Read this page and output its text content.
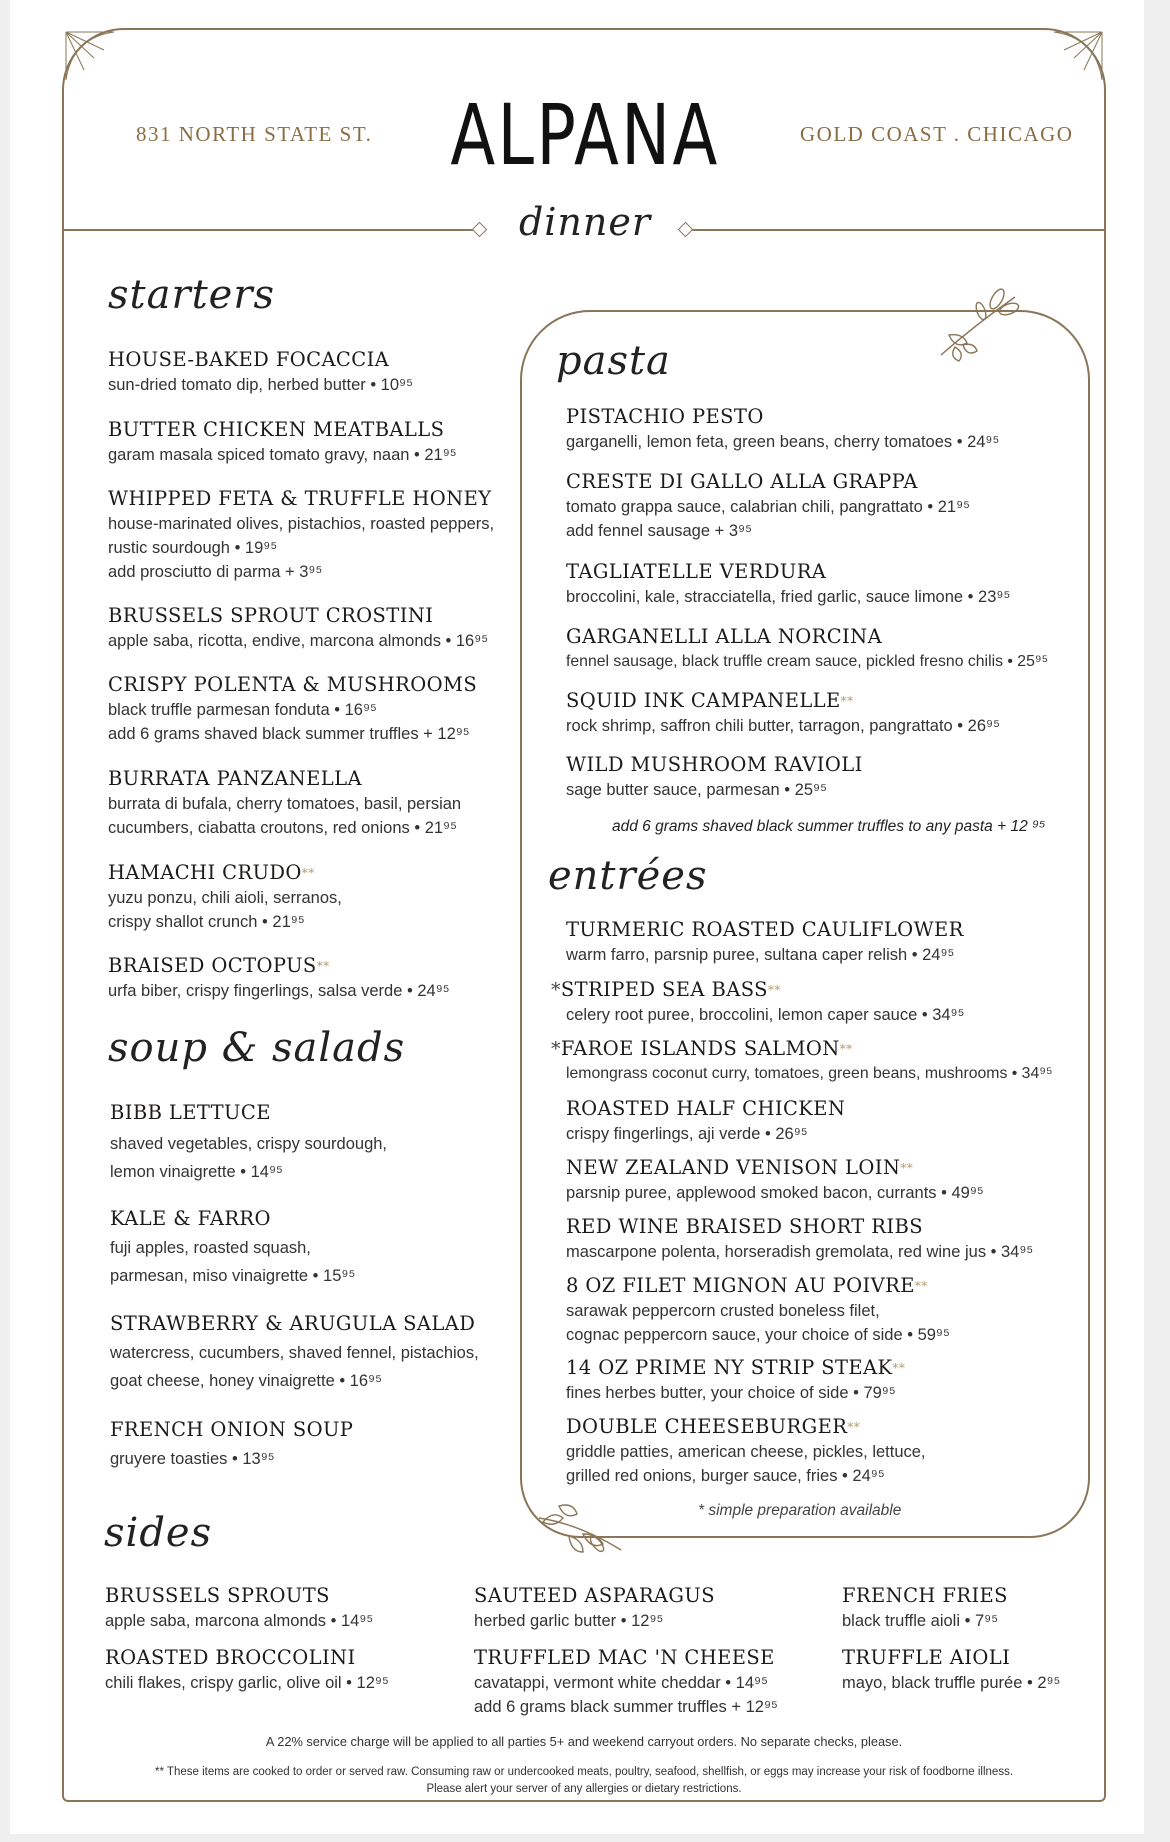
831 NORTH STATE ST. ALPANA	GOLD COAST . CHICAGO
dinner
starters
soup & salads
sides
pasta
entrées
HOUSE-BAKED FOCACCIA
sun-dried tomato dip, herbed butter • 10⁹⁵
BUTTER CHICKEN MEATBALLS
garam masala spiced tomato gravy, naan • 21⁹⁵
WHIPPED FETA & TRUFFLE HONEY
house-marinated olives, pistachios, roasted peppers,
rustic sourdough • 19⁹⁵
add prosciutto di parma + 3⁹⁵
BRUSSELS SPROUT CROSTINI
apple saba, ricotta, endive, marcona almonds • 16⁹⁵
CRISPY POLENTA & MUSHROOMS
black truffle parmesan fonduta • 16⁹⁵
add 6 grams shaved black summer truffles + 12⁹⁵
BURRATA PANZANELLA
burrata di bufala, cherry tomatoes, basil, persian
cucumbers, ciabatta croutons, red onions • 21⁹⁵
HAMACHI CRUDO**
yuzu ponzu, chili aioli, serranos,
crispy shallot crunch • 21⁹⁵
BRAISED OCTOPUS**
urfa biber, crispy fingerlings, salsa verde • 24⁹⁵
BIBB LETTUCE
shaved vegetables, crispy sourdough,
lemon vinaigrette • 14⁹⁵
KALE & FARRO
fuji apples, roasted squash,
parmesan, miso vinaigrette • 15⁹⁵
STRAWBERRY & ARUGULA SALAD
watercress, cucumbers, shaved fennel, pistachios,
goat cheese, honey vinaigrette • 16⁹⁵
FRENCH ONION SOUP
gruyere toasties • 13⁹⁵
PISTACHIO PESTO
garganelli, lemon feta, green beans, cherry tomatoes • 24⁹⁵
CRESTE DI GALLO ALLA GRAPPA
tomato grappa sauce, calabrian chili, pangrattato • 21⁹⁵
add fennel sausage + 3⁹⁵
TAGLIATELLE VERDURA
broccolini, kale, stracciatella, fried garlic, sauce limone • 23⁹⁵
GARGANELLI ALLA NORCINA
fennel sausage, black truffle cream sauce, pickled fresno chilis • 25⁹⁵
SQUID INK CAMPANELLE**
rock shrimp, saffron chili butter, tarragon, pangrattato • 26⁹⁵
WILD MUSHROOM RAVIOLI
sage butter sauce, parmesan • 25⁹⁵
add 6 grams shaved black summer truffles to any pasta + 12 ⁹⁵
TURMERIC ROASTED CAULIFLOWER
warm farro, parsnip puree, sultana caper relish • 24⁹⁵
*STRIPED SEA BASS**
celery root puree, broccolini, lemon caper sauce • 34⁹⁵
*FAROE ISLANDS SALMON**
lemongrass coconut curry, tomatoes, green beans, mushrooms • 34⁹⁵
ROASTED HALF CHICKEN
crispy fingerlings, aji verde • 26⁹⁵
NEW ZEALAND VENISON LOIN**
parsnip puree, applewood smoked bacon, currants • 49⁹⁵
RED WINE BRAISED SHORT RIBS
mascarpone polenta, horseradish gremolata, red wine jus • 34⁹⁵
8 OZ FILET MIGNON AU POIVRE**
sarawak peppercorn crusted boneless filet,
cognac peppercorn sauce, your choice of side • 59⁹⁵
14 OZ PRIME NY STRIP STEAK**
fines herbes butter, your choice of side • 79⁹⁵
DOUBLE CHEESEBURGER**
griddle patties, american cheese, pickles, lettuce,
grilled red onions, burger sauce, fries • 24⁹⁵
* simple preparation available
BRUSSELS SPROUTS
apple saba, marcona almonds • 14⁹⁵
ROASTED BROCCOLINI
chili flakes, crispy garlic, olive oil • 12⁹⁵
SAUTEED ASPARAGUS
herbed garlic butter • 12⁹⁵
TRUFFLED MAC 'N CHEESE
cavatappi, vermont white cheddar • 14⁹⁵
add 6 grams black summer truffles + 12⁹⁵
FRENCH FRIES
black truffle aioli • 7⁹⁵
TRUFFLE AIOLI
mayo, black truffle purée • 2⁹⁵
A 22% service charge will be applied to all parties 5+ and weekend carryout orders. No separate checks, please.
** These items are cooked to order or served raw. Consuming raw or undercooked meats, poultry, seafood, shellfish, or eggs may increase your risk of foodborne illness.
Please alert your server of any allergies or dietary restrictions.
